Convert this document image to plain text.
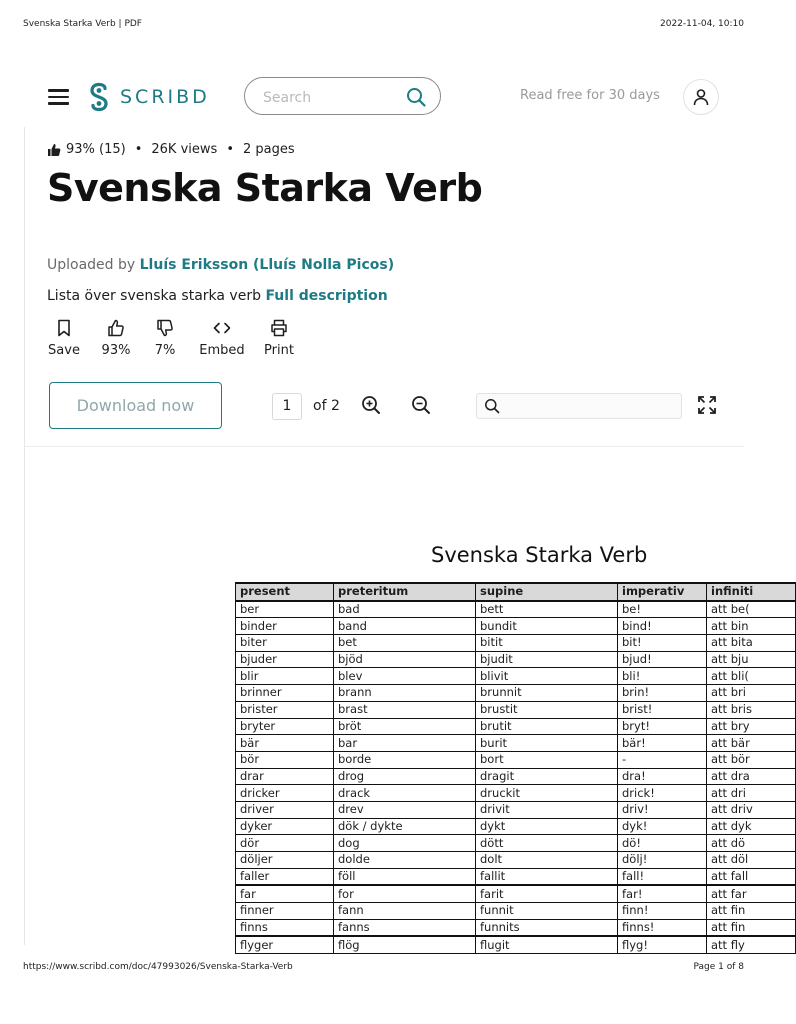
Svenska Starka Verb | PDF	2022-11-04, 10:10
SCRIBD
Search	Read free for 30 days
93% (15) • 26K views • 2 pages
Svenska Starka Verb
Uploaded by Lluís Eriksson (Lluís Nolla Picos)
Lista över svenska starka verb Full description
Save	93%	7%	Embed	Print
Download now	1	of 2
Svenska Starka Verb
present	preteritum	supine	imperativ	infiniti
ber	bad	bett	be!	att be(
binder	band	bundit	bind!	att bin
biter	bet	bitit	bit!	att bita
bjuder	bjöd	bjudit	bjud!	att bju
blir	blev	blivit	bli!	att bli(
brinner	brann	brunnit	brin!	att bri
brister	brast	brustit	brist!	att bris
bryter	bröt	brutit	bryt!	att bry
bär	bar	burit	bär!	att bär
bör	borde	bort	-	att bör
drar	drog	dragit	dra!	att dra
dricker	drack	druckit	drick!	att dri
driver	drev	drivit	driv!	att driv
dyker	dök / dykte	dykt	dyk!	att dyk
dör	dog	dött	dö!	att dö
döljer	dolde	dolt	dölj!	att döl
faller	föll	fallit	fall!	att fall
far	for	farit	far!	att far
finner	fann	funnit	finn!	att fin
finns	fanns	funnits	finns!	att fin
flyger	flög	flugit	flyg!	att fly
https://www.scribd.com/doc/47993026/Svenska-Starka-Verb	Page 1 of 8
